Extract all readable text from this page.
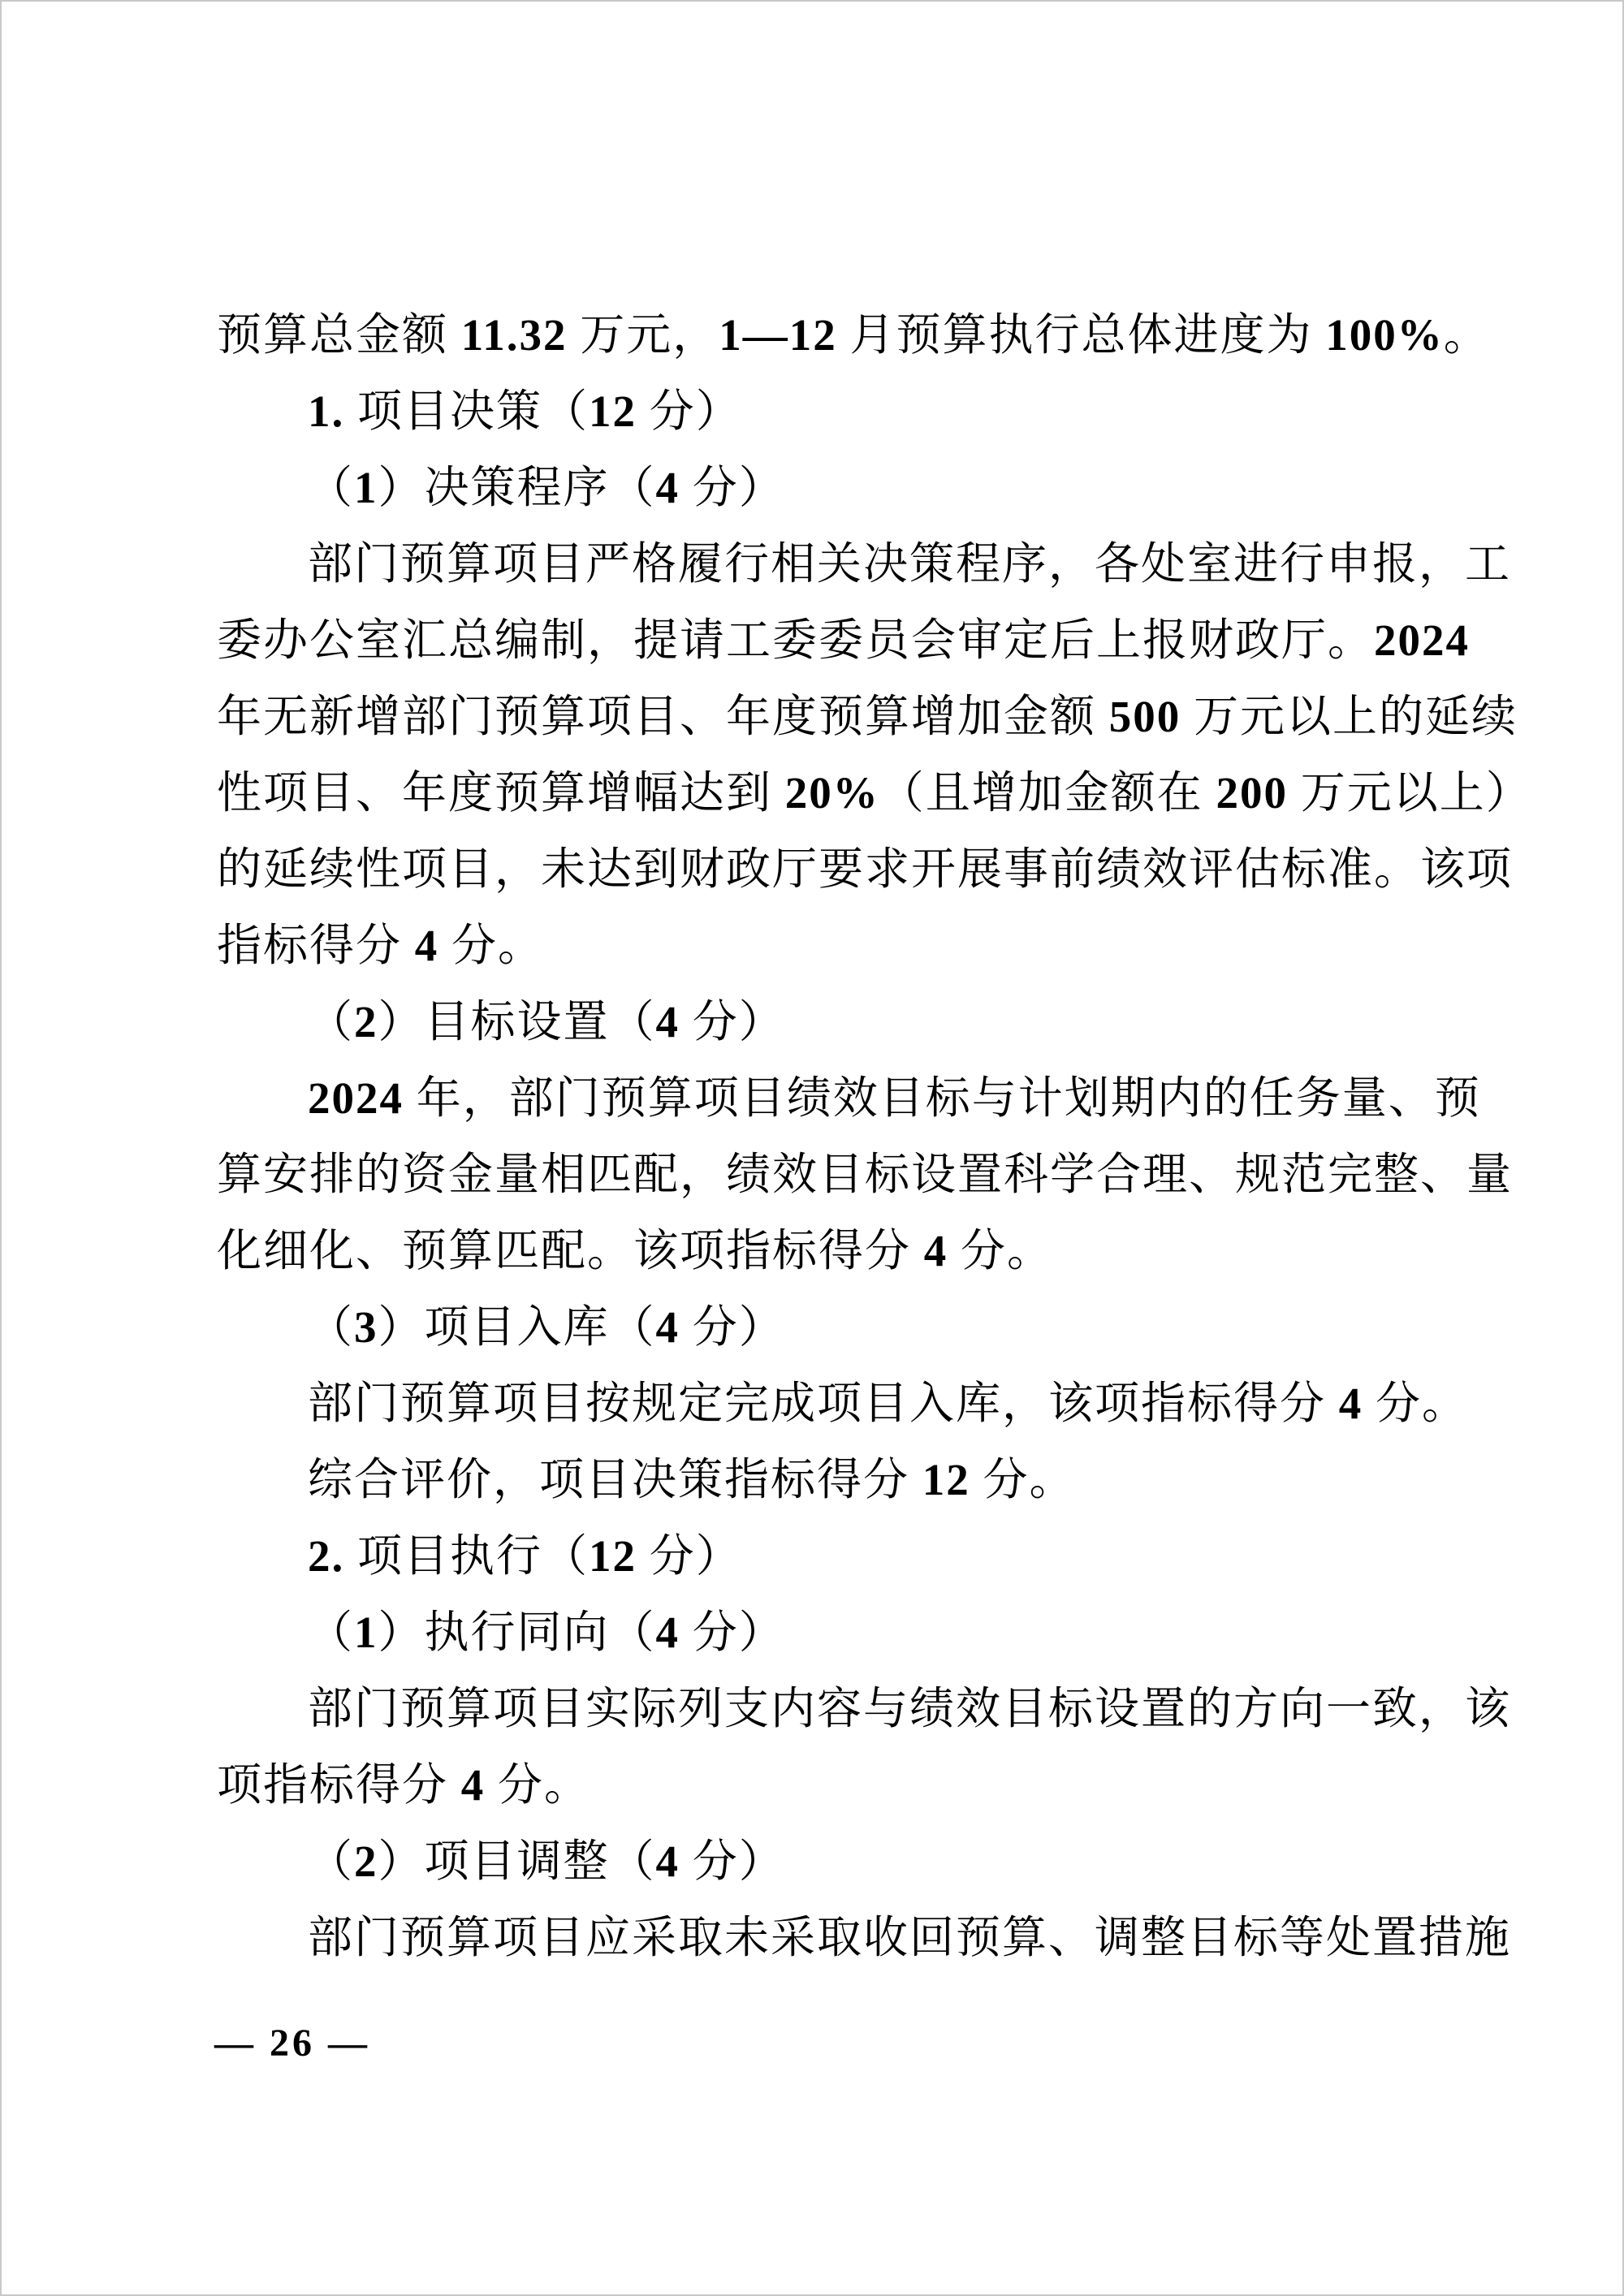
预算总金额 11.32 万元，1—12 月预算执行总体进度为 100%。
1. 项目决策（12 分）
（1）决策程序（4 分）
部门预算项目严格履行相关决策程序，各处室进行申报，工
委办公室汇总编制，提请工委委员会审定后上报财政厅。2024
年无新增部门预算项目、年度预算增加金额 500 万元以上的延续
性项目、年度预算增幅达到 20%（且增加金额在 200 万元以上）
的延续性项目，未达到财政厅要求开展事前绩效评估标准。该项
指标得分 4 分。
（2）目标设置（4 分）
2024 年，部门预算项目绩效目标与计划期内的任务量、预
算安排的资金量相匹配，绩效目标设置科学合理、规范完整、量
化细化、预算匹配。该项指标得分 4 分。
（3）项目入库（4 分）
部门预算项目按规定完成项目入库，该项指标得分 4 分。
综合评价，项目决策指标得分 12 分。
2. 项目执行（12 分）
（1）执行同向（4 分）
部门预算项目实际列支内容与绩效目标设置的方向一致，该
项指标得分 4 分。
（2）项目调整（4 分）
部门预算项目应采取未采取收回预算、调整目标等处置措施
— 26 —
